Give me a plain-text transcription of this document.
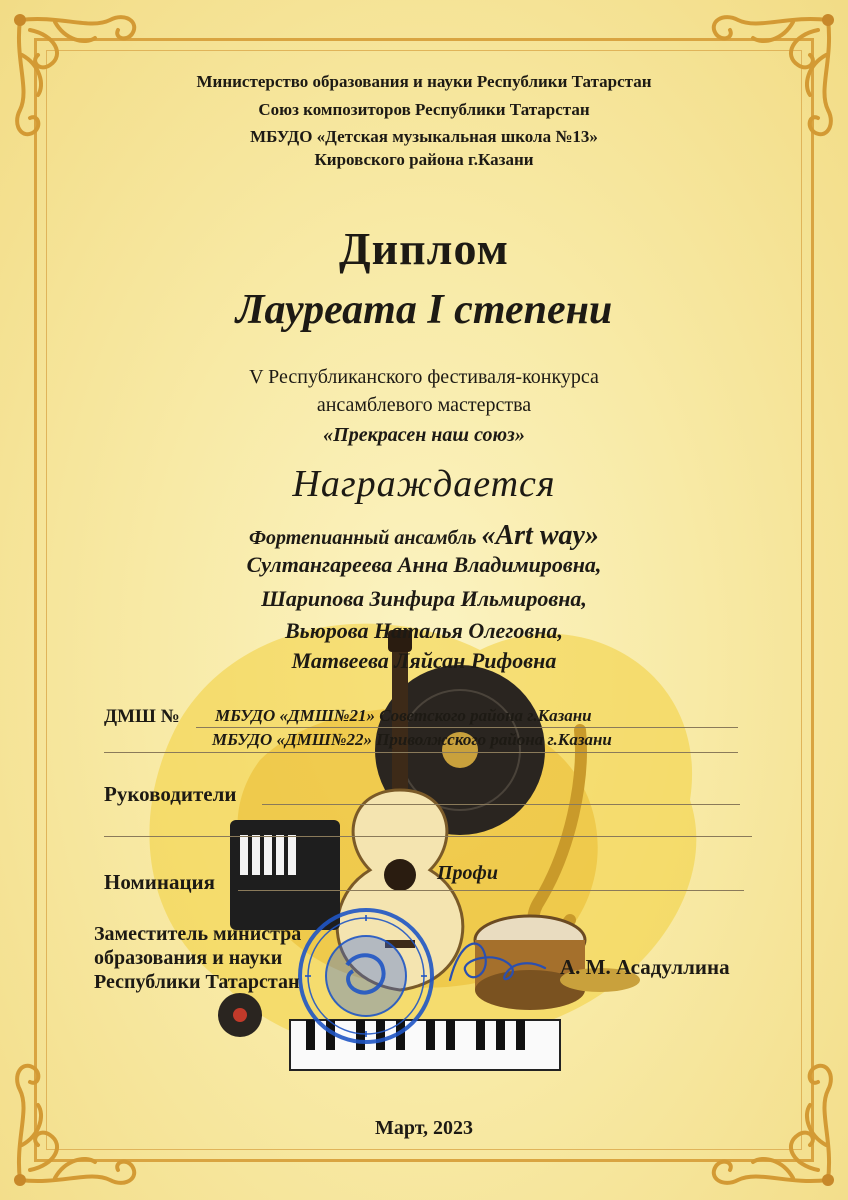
Министерство образования и науки Республики Татарстан
Союз композиторов Республики Татарстан
МБУДО «Детская музыкальная школа №13»
Кировского района г.Казани
Диплом
Лауреата I степени
V Республиканского фестиваля-конкурса
ансамблевого мастерства
«Прекрасен наш союз»
Награждается
Фортепианный ансамбль «Art way»
Султангареева Анна Владимировна,
Шарипова Зинфира Ильмировна,
Вьюрова Наталья Олеговна,
Матвеева Ляйсан Рифовна
ДМШ № МБУДО «ДМШ№21» Советского района г.Казани
МБУДО «ДМШ№22» Приволжского района г.Казани
Руководители
Номинация	Профи
Заместитель министра
образования и науки
Республики Татарстан
А. М. Асадуллина
Март, 2023
